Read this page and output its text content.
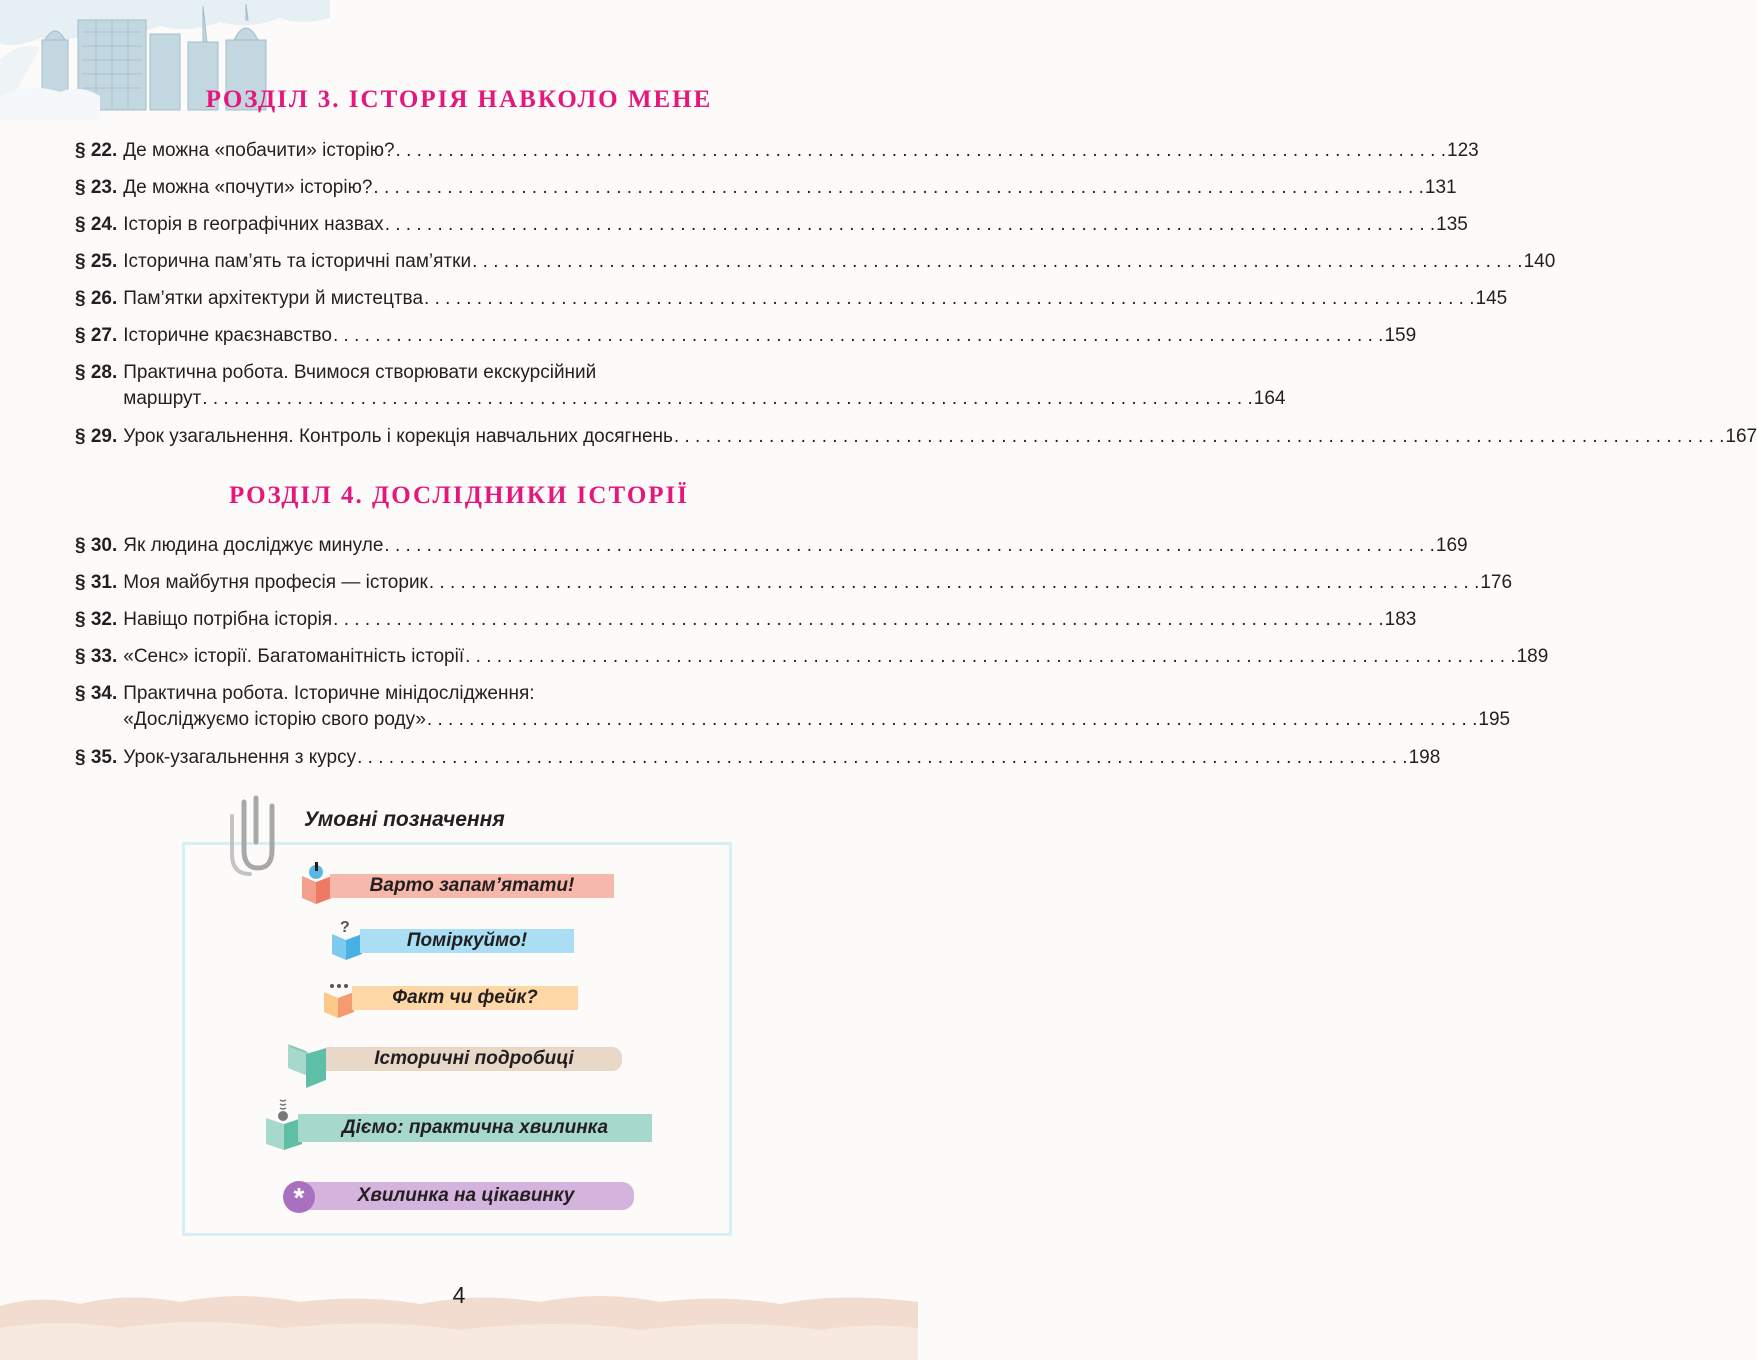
РОЗДІЛ 3. ІСТОРІЯ НАВКОЛО МЕНЕ
§ 22. Де можна «побачити» історію? . . .	123
§ 23. Де можна «почути» історію? . . .	131
§ 24. Історія в географічних назвах . . .	135
§ 25. Історична пам’ять та історичні пам’ятки . . .	140
§ 26. Пам’ятки архітектури й мистецтва . . .	145
§ 27. Історичне краєзнавство . . .	159
§ 28. Практична робота. Вчимося створювати екскурсійний
маршрут . . .	164
§ 29. Урок узагальнення. Контроль і корекція навчальних досягнень . . .	167
РОЗДІЛ 4. ДОСЛІДНИКИ ІСТОРІЇ
§ 30. Як людина досліджує минуле . . .	169
§ 31. Моя майбутня професія — історик . . .	176
§ 32. Навіщо потрібна історія . . .	183
§ 33. «Сенс» історії. Багатоманітність історії . . .	189
§ 34. Практична робота. Історичне мінідослідження:
«Досліджуємо історію свого роду» . . .	195
§ 35. Урок-узагальнення з курсу . . .	198
Умовні позначення
Варто запам’ятати!
?
Поміркуймо!
Факт чи фейк?
Історичні подробиці
Діємо: практична хвилинка
Хвилинка на цікавинку
*
4
